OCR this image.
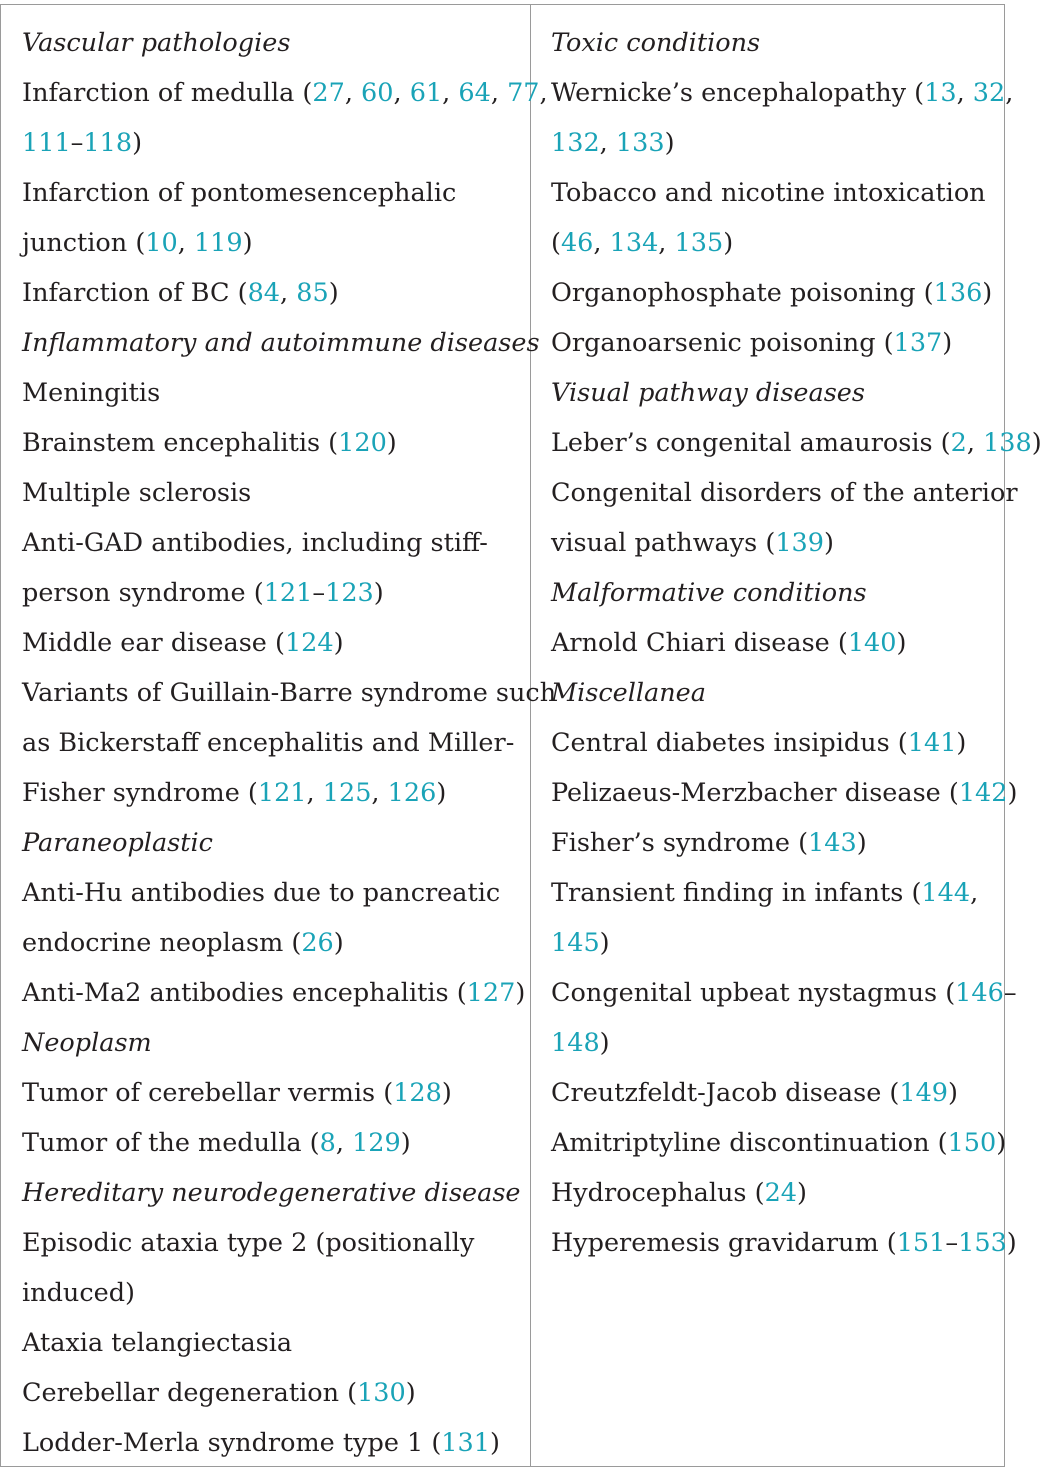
Vascular pathologies
Infarction of medulla (27, 60, 61, 64, 77,
111–118)
Infarction of pontomesencephalic
junction (10, 119)
Infarction of BC (84, 85)
Inflammatory and autoimmune diseases
Meningitis
Brainstem encephalitis (120)
Multiple sclerosis
Anti-GAD antibodies, including stiff-
person syndrome (121–123)
Middle ear disease (124)
Variants of Guillain-Barre syndrome such
as Bickerstaff encephalitis and Miller-
Fisher syndrome (121, 125, 126)
Paraneoplastic
Anti-Hu antibodies due to pancreatic
endocrine neoplasm (26)
Anti-Ma2 antibodies encephalitis (127)
Neoplasm
Tumor of cerebellar vermis (128)
Tumor of the medulla (8, 129)
Hereditary neurodegenerative disease
Episodic ataxia type 2 (positionally
induced)
Ataxia telangiectasia
Cerebellar degeneration (130)
Lodder-Merla syndrome type 1 (131)
Toxic conditions
Wernicke’s encephalopathy (13, 32,
132, 133)
Tobacco and nicotine intoxication
(46, 134, 135)
Organophosphate poisoning (136)
Organoarsenic poisoning (137)
Visual pathway diseases
Leber’s congenital amaurosis (2, 138)
Congenital disorders of the anterior
visual pathways (139)
Malformative conditions
Arnold Chiari disease (140)
Miscellanea
Central diabetes insipidus (141)
Pelizaeus-Merzbacher disease (142)
Fisher’s syndrome (143)
Transient finding in infants (144,
145)
Congenital upbeat nystagmus (146–
148)
Creutzfeldt-Jacob disease (149)
Amitriptyline discontinuation (150)
Hydrocephalus (24)
Hyperemesis gravidarum (151–153)
